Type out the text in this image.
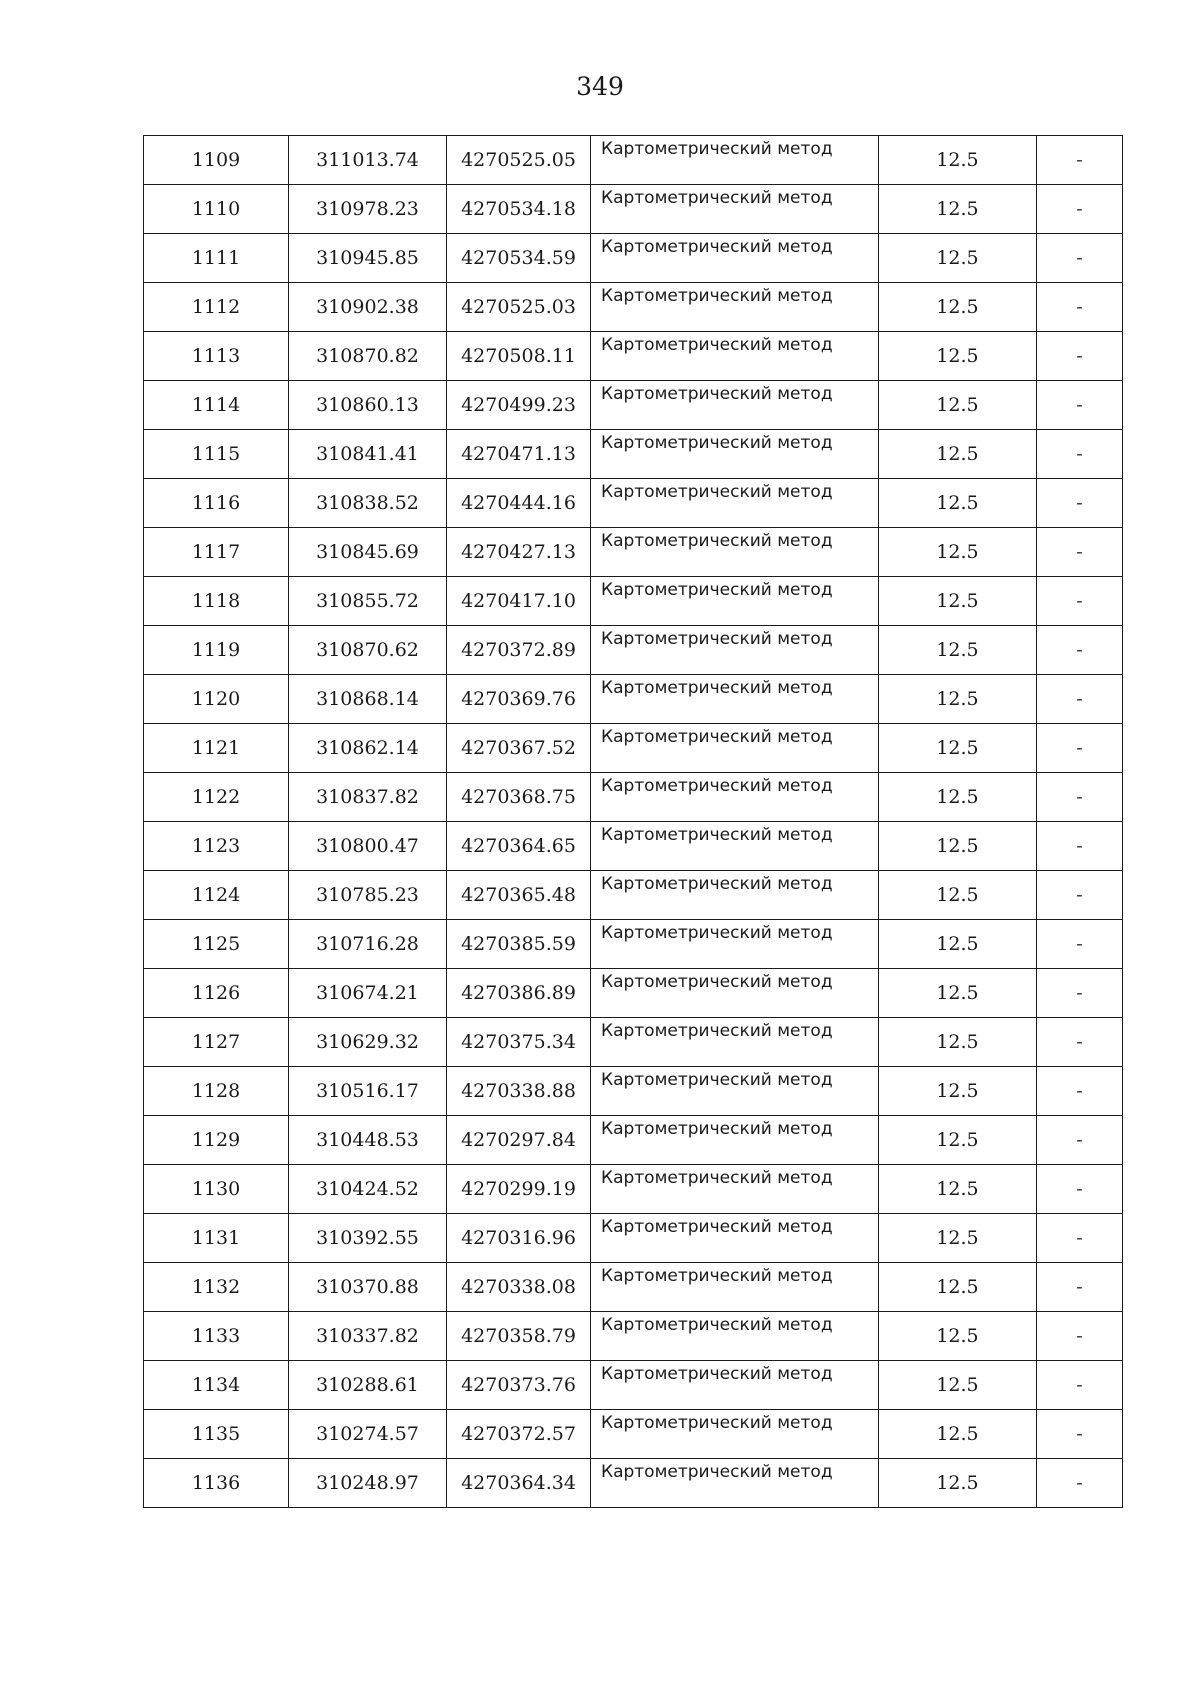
349
1109	311013.74	4270525.05	Картометрический метод	12.5	-
1110	310978.23	4270534.18	Картометрический метод	12.5	-
1111	310945.85	4270534.59	Картометрический метод	12.5	-
1112	310902.38	4270525.03	Картометрический метод	12.5	-
1113	310870.82	4270508.11	Картометрический метод	12.5	-
1114	310860.13	4270499.23	Картометрический метод	12.5	-
1115	310841.41	4270471.13	Картометрический метод	12.5	-
1116	310838.52	4270444.16	Картометрический метод	12.5	-
1117	310845.69	4270427.13	Картометрический метод	12.5	-
1118	310855.72	4270417.10	Картометрический метод	12.5	-
1119	310870.62	4270372.89	Картометрический метод	12.5	-
1120	310868.14	4270369.76	Картометрический метод	12.5	-
1121	310862.14	4270367.52	Картометрический метод	12.5	-
1122	310837.82	4270368.75	Картометрический метод	12.5	-
1123	310800.47	4270364.65	Картометрический метод	12.5	-
1124	310785.23	4270365.48	Картометрический метод	12.5	-
1125	310716.28	4270385.59	Картометрический метод	12.5	-
1126	310674.21	4270386.89	Картометрический метод	12.5	-
1127	310629.32	4270375.34	Картометрический метод	12.5	-
1128	310516.17	4270338.88	Картометрический метод	12.5	-
1129	310448.53	4270297.84	Картометрический метод	12.5	-
1130	310424.52	4270299.19	Картометрический метод	12.5	-
1131	310392.55	4270316.96	Картометрический метод	12.5	-
1132	310370.88	4270338.08	Картометрический метод	12.5	-
1133	310337.82	4270358.79	Картометрический метод	12.5	-
1134	310288.61	4270373.76	Картометрический метод	12.5	-
1135	310274.57	4270372.57	Картометрический метод	12.5	-
1136	310248.97	4270364.34	Картометрический метод	12.5	-
